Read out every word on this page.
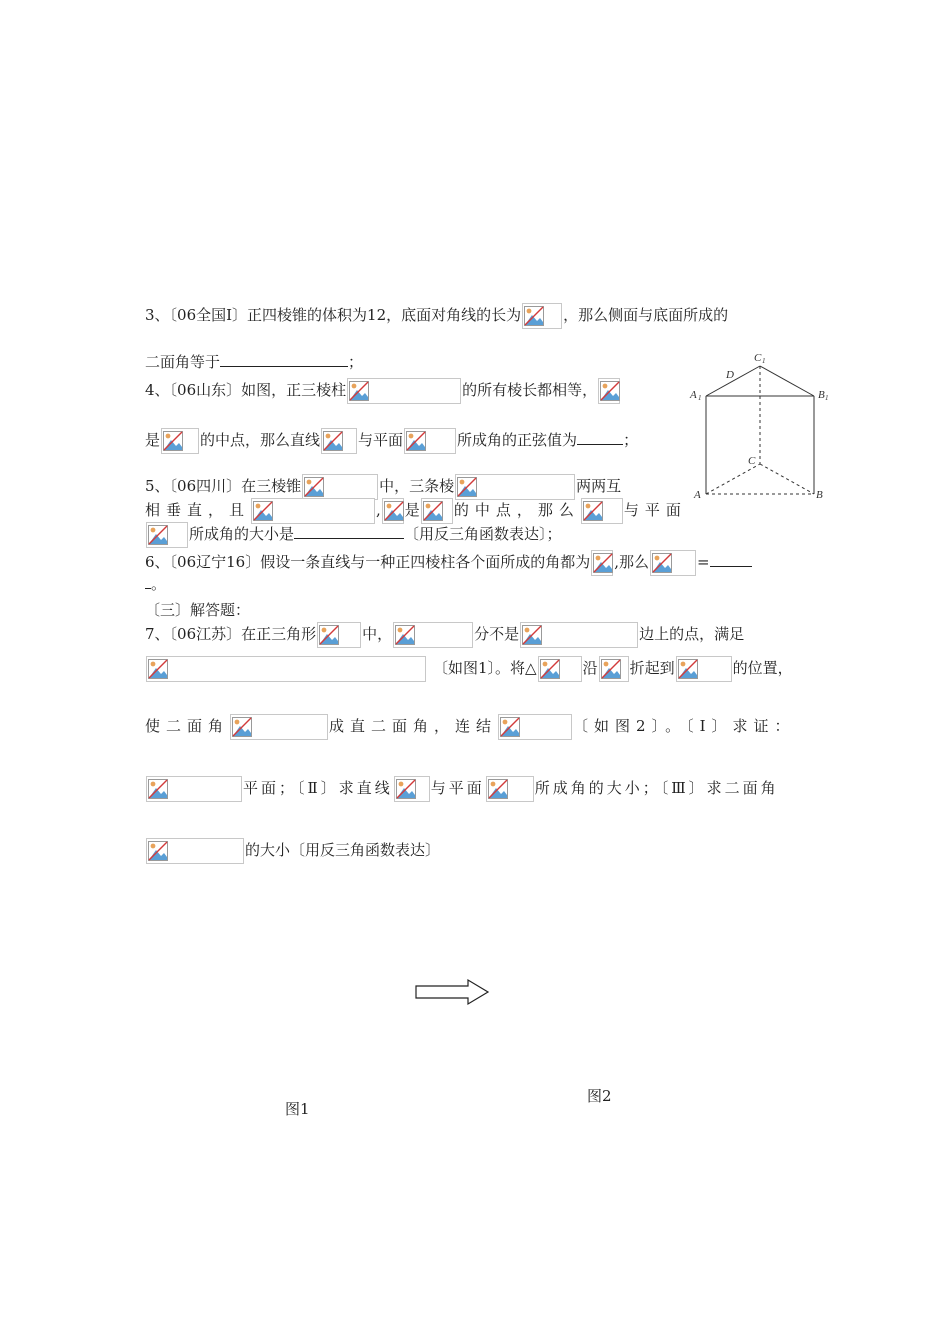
3、〔06全国Ⅰ〕正四棱锥的体积为12，底面对角线的长为	，那么侧面与底面所成的
二面角等于	；
4、〔06山东〕如图，正三棱柱	的所有棱长都相等，
是	的中点，那么直线	与平面	所成角的正弦值为	；
5、〔06四川〕在三棱锥	中，三条棱	两两互
相垂直，且	, 是 的中点，那么	与平面
所成角的大小是	〔用反三角函数表达〕；
6、〔06辽宁16〕假设一条直线与一种正四棱柱各个面所成的角都为 ,那么	=
。
〔三〕解答题：
7、〔06江苏〕在正三角形	中，	分不是	边上的点，满足
〔如图1〕。将△	沿 折起到	的位置，
使二面角	成直二面角，连结	〔如图2〕。〔Ⅰ〕求证：
平面；〔Ⅱ〕求直线	与平面	所成角的大小；〔Ⅲ〕求二面角
的大小〔用反三角函数表达〕
C 1
D
A 1	B 1
C
A	B
图1
图2
